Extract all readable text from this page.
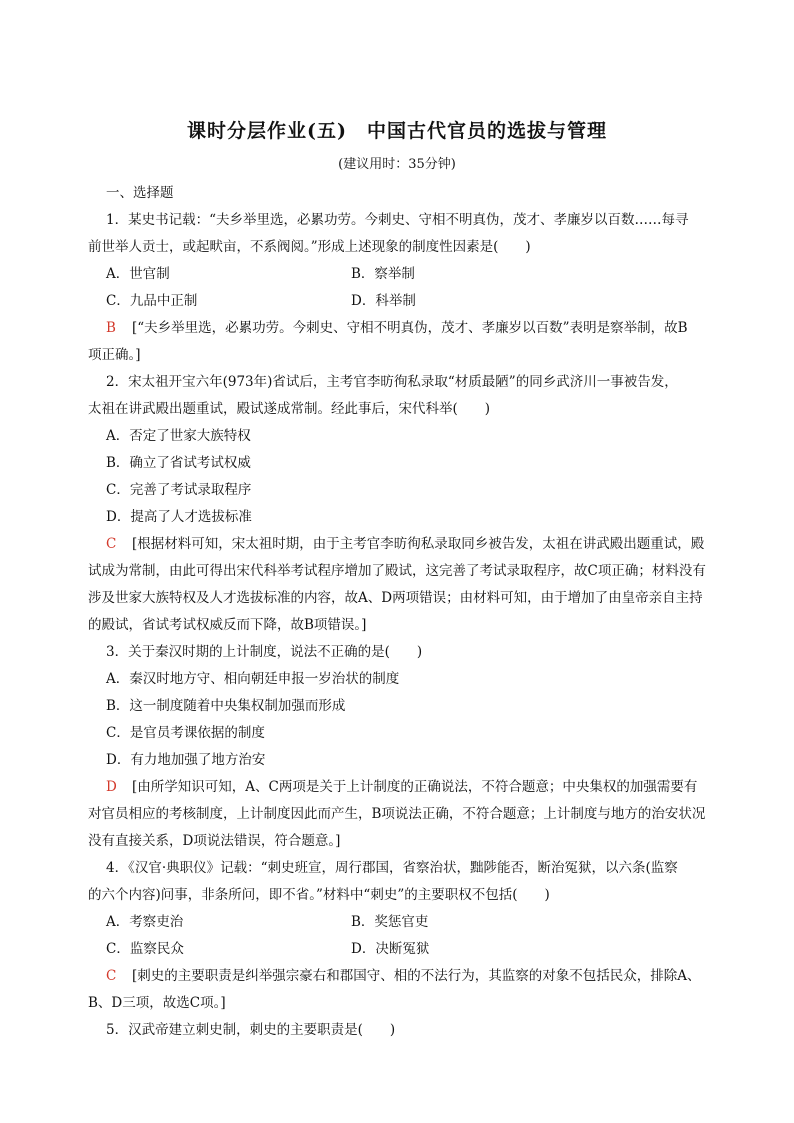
课时分层作业(五)　中国古代官员的选拔与管理
(建议用时：35分钟)
一、选择题
1．某史书记载：“夫乡举里选，必累功劳。今刺史、守相不明真伪，茂才、孝廉岁以百数……每寻
前世举人贡士，或起畎亩，不系阀阅。”形成上述现象的制度性因素是(　　)
A．世官制	B．察举制
C．九品中正制	D．科举制
B [“夫乡举里选，必累功劳。今刺史、守相不明真伪，茂才、孝廉岁以百数”表明是察举制，故B
项正确。]
2．宋太祖开宝六年(973年)省试后，主考官李昉徇私录取“材质最陋”的同乡武济川一事被告发，
太祖在讲武殿出题重试，殿试遂成常制。经此事后，宋代科举(　　)
A．否定了世家大族特权
B．确立了省试考试权威
C．完善了考试录取程序
D．提高了人才选拔标准
C [根据材料可知，宋太祖时期，由于主考官李昉徇私录取同乡被告发，太祖在讲武殿出题重试，殿
试成为常制，由此可得出宋代科举考试程序增加了殿试，这完善了考试录取程序，故C项正确；材料没有
涉及世家大族特权及人才选拔标准的内容，故A、D两项错误；由材料可知，由于增加了由皇帝亲自主持
的殿试，省试考试权威反而下降，故B项错误。]
3．关于秦汉时期的上计制度，说法不正确的是(　　)
A．秦汉时地方守、相向朝廷申报一岁治状的制度
B．这一制度随着中央集权制加强而形成
C．是官员考课依据的制度
D．有力地加强了地方治安
D [由所学知识可知，A、C两项是关于上计制度的正确说法，不符合题意；中央集权的加强需要有
对官员相应的考核制度，上计制度因此而产生，B项说法正确，不符合题意；上计制度与地方的治安状况
没有直接关系，D项说法错误，符合题意。]
4．《汉官·典职仪》记载：“刺史班宣，周行郡国，省察治状，黜陟能否，断治冤狱，以六条(监察
的六个内容)问事，非条所问，即不省。”材料中“刺史”的主要职权不包括(　　)
A．考察吏治	B．奖惩官吏
C．监察民众	D．决断冤狱
C [刺史的主要职责是纠举强宗豪右和郡国守、相的不法行为，其监察的对象不包括民众，排除A、
B、D三项，故选C项。]
5．汉武帝建立刺史制，刺史的主要职责是(　　)
